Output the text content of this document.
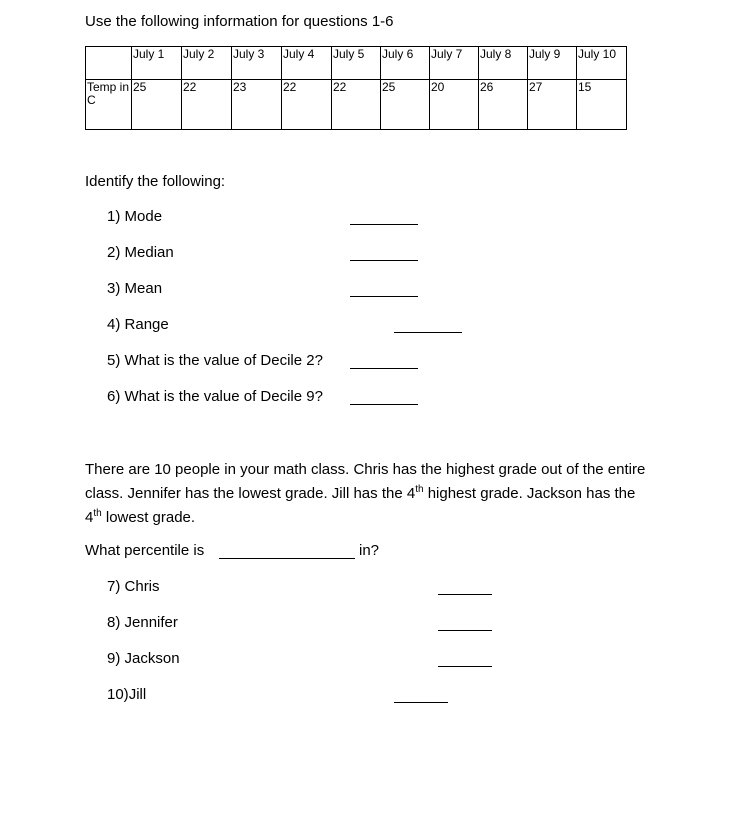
Use the following information for questions 1-6
	July 1	July 2	July 3	July 4	July 5	July 6	July 7	July 8	July 9	July 10
Temp in C	25	22	23	22	22	25	20	26	27	15
Identify the following:
1) Mode
2) Median
3) Mean
4) Range
5) What is the value of Decile 2?
6) What is the value of Decile 9?
There are 10 people in your math class. Chris has the highest grade out of the entire class. Jennifer has the lowest grade. Jill has the 4th highest grade. Jackson has the 4th lowest grade.
What percentile is	in?
7) Chris
8) Jennifer
9) Jackson
10)Jill
